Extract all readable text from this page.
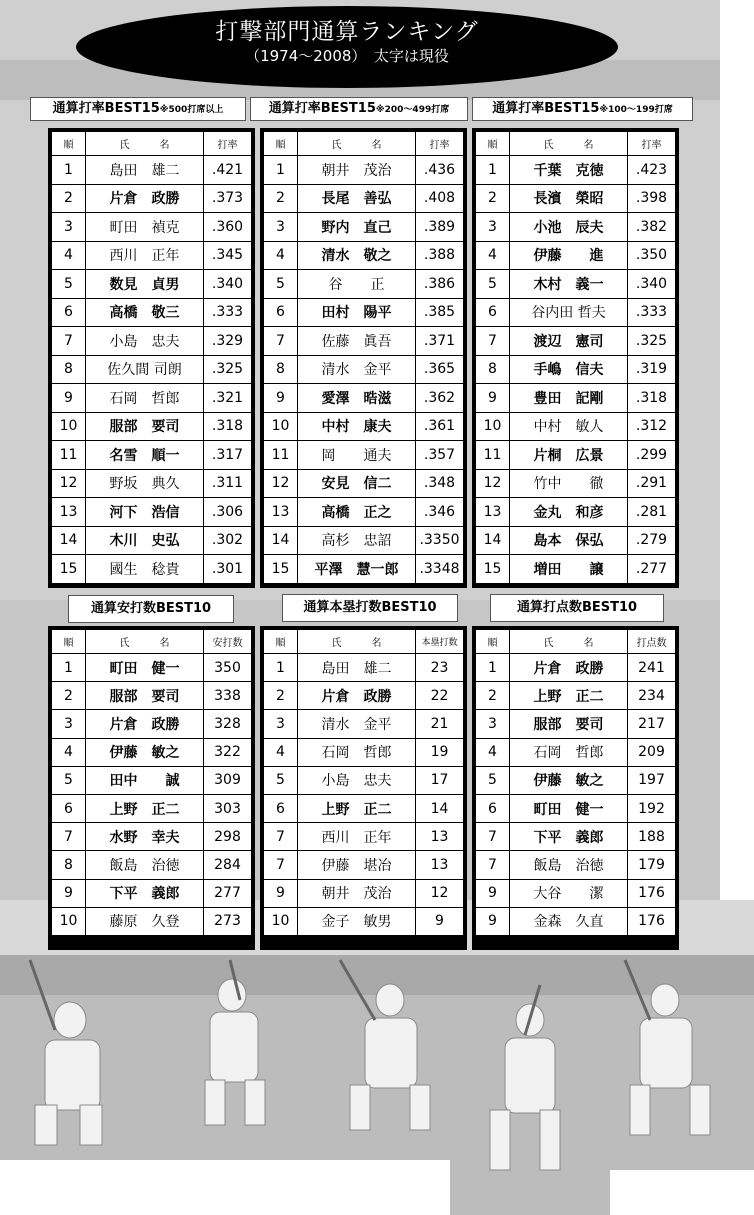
打撃部門通算ランキング
（1974～2008）　太字は現役
通算打率BEST15※500打席以上	通算打率BEST15※200～499打席	通算打率BEST15※100～199打席
順	氏　　　 名	打率
1	島田　雄二	.421
2	片倉　政勝	.373
3	町田　禎克	.360
4	西川　正年	.345
5	数見　貞男	.340
6	高橋　敬三	.333
7	小島　忠夫	.329
8	佐久間 司朗	.325
9	石岡　哲郎	.321
10	服部　要司	.318
11	名雪　順一	.317
12	野坂　典久	.311
13	河下　浩信	.306
14	木川　史弘	.302
15	國生　稔貴	.301
順	氏　　　 名	打率
1	朝井　茂治	.436
2	長尾　善弘	.408
3	野内　直己	.389
4	清水　敬之	.388
5	谷　　正	.386
6	田村　陽平	.385
7	佐藤　眞吾	.371
8	清水　金平	.365
9	愛澤　晧滋	.362
10	中村　康夫	.361
11	岡　　通夫	.357
12	安見　信二	.348
13	高橋　正之	.346
14	高杉　忠詔	.3350
15	平澤　慧一郎	.3348
順	氏　　　 名	打率
1	千葉　克徳	.423
2	長濱　榮昭	.398
3	小池　辰夫	.382
4	伊藤　　進	.350
5	木村　義一	.340
6	谷内田 哲夫	.333
7	渡辺　憲司	.325
8	手嶋　信夫	.319
9	豊田　記剛	.318
10	中村　敏人	.312
11	片桐　広景	.299
12	竹中　　徹	.291
13	金丸　和彦	.281
14	島本　保弘	.279
15	増田　　譲	.277
通算安打数BEST10	通算本塁打数BEST10	通算打点数BEST10
順	氏　　　 名	安打数
1	町田　健一	350
2	服部　要司	338
3	片倉　政勝	328
4	伊藤　敏之	322
5	田中　　誠	309
6	上野　正二	303
7	水野　幸夫	298
8	飯島　治徳	284
9	下平　義郎	277
10	藤原　久登	273
順	氏　　　 名	本塁打数
1	島田　雄二	23
2	片倉　政勝	22
3	清水　金平	21
4	石岡　哲郎	19
5	小島　忠夫	17
6	上野　正二	14
7	西川　正年	13
7	伊藤　堪冶	13
9	朝井　茂治	12
10	金子　敏男	9
順	氏　　　 名	打点数
1	片倉　政勝	241
2	上野　正二	234
3	服部　要司	217
4	石岡　哲郎	209
5	伊藤　敏之	197
6	町田　健一	192
7	下平　義郎	188
7	飯島　治徳	179
9	大谷　　潔	176
9	金森　久直	176
